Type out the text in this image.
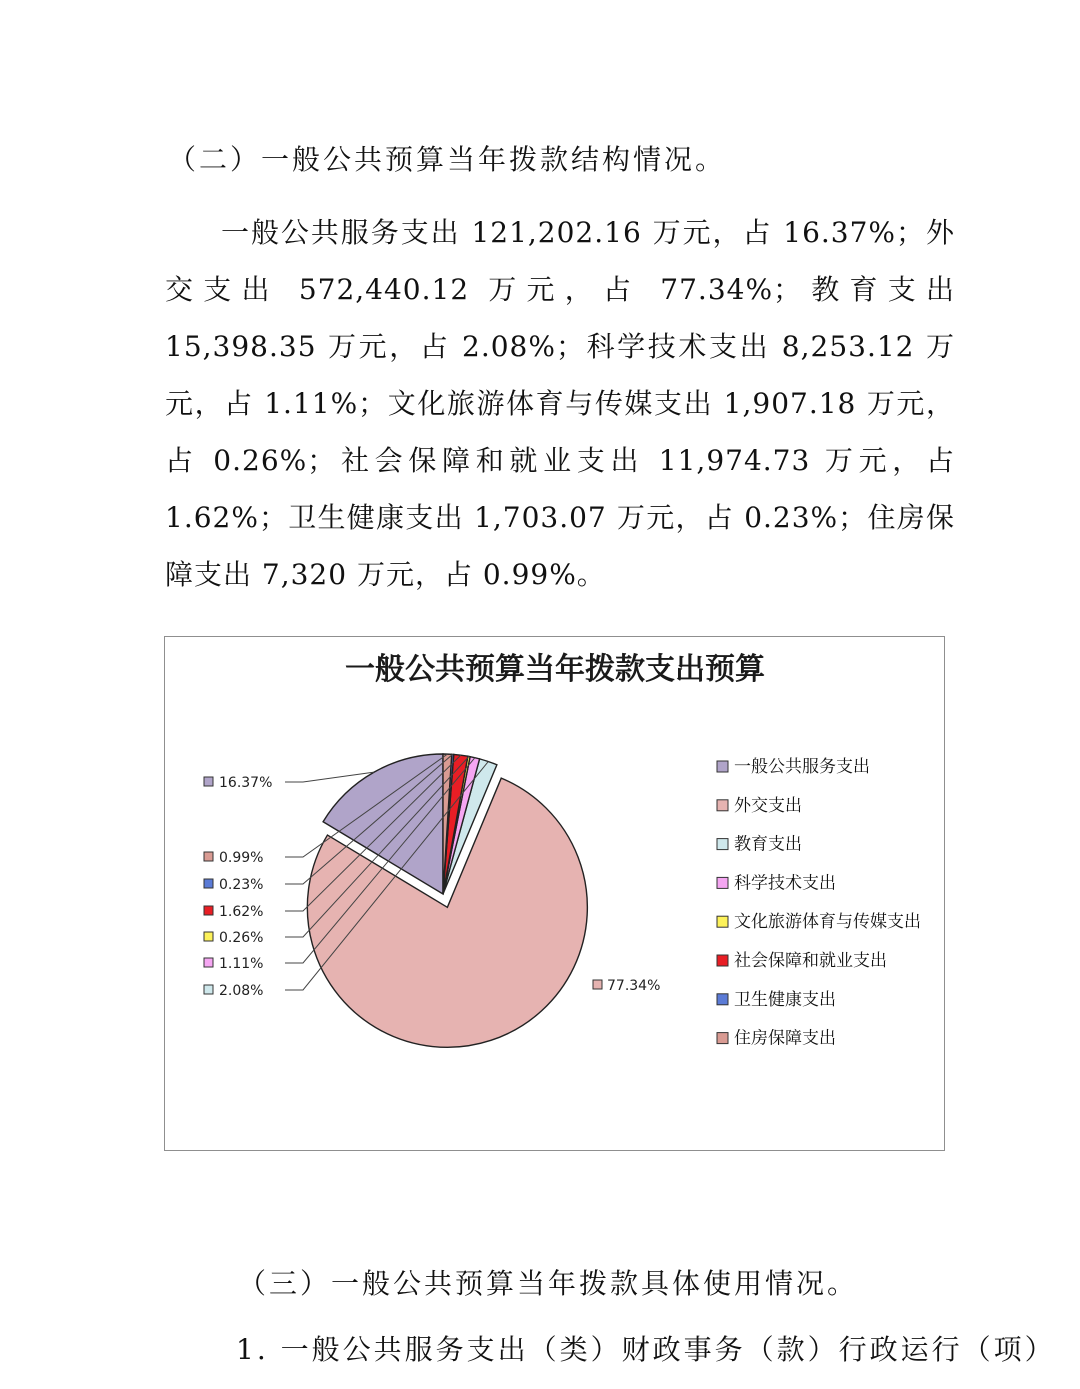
（二）一般公共预算当年拨款结构情况。

一般公共服务支出 121,202.16 万元，占 16.37%；外交支出 572,440.12 万元，占 77.34%；教育支出 15,398.35 万元，占 2.08%；科学技术支出 8,253.12 万元，占 1.11%；文化旅游体育与传媒支出 1,907.18 万元，占 0.26%；社会保障和就业支出 11,974.73 万元，占 1.62%；卫生健康支出 1,703.07 万元，占 0.23%；住房保障支出 7,320 万元，占 0.99%。

一般公共预算当年拨款支出预算
16.37%
77.34%
2.08%
1.11%
0.26%
1.62%
0.23%
0.99%
一般公共服务支出
外交支出
教育支出
科学技术支出
文化旅游体育与传媒支出
社会保障和就业支出
卫生健康支出
住房保障支出
（三）一般公共预算当年拨款具体使用情况。
1. 一般公共服务支出（类）财政事务（款）行政运行（项）
